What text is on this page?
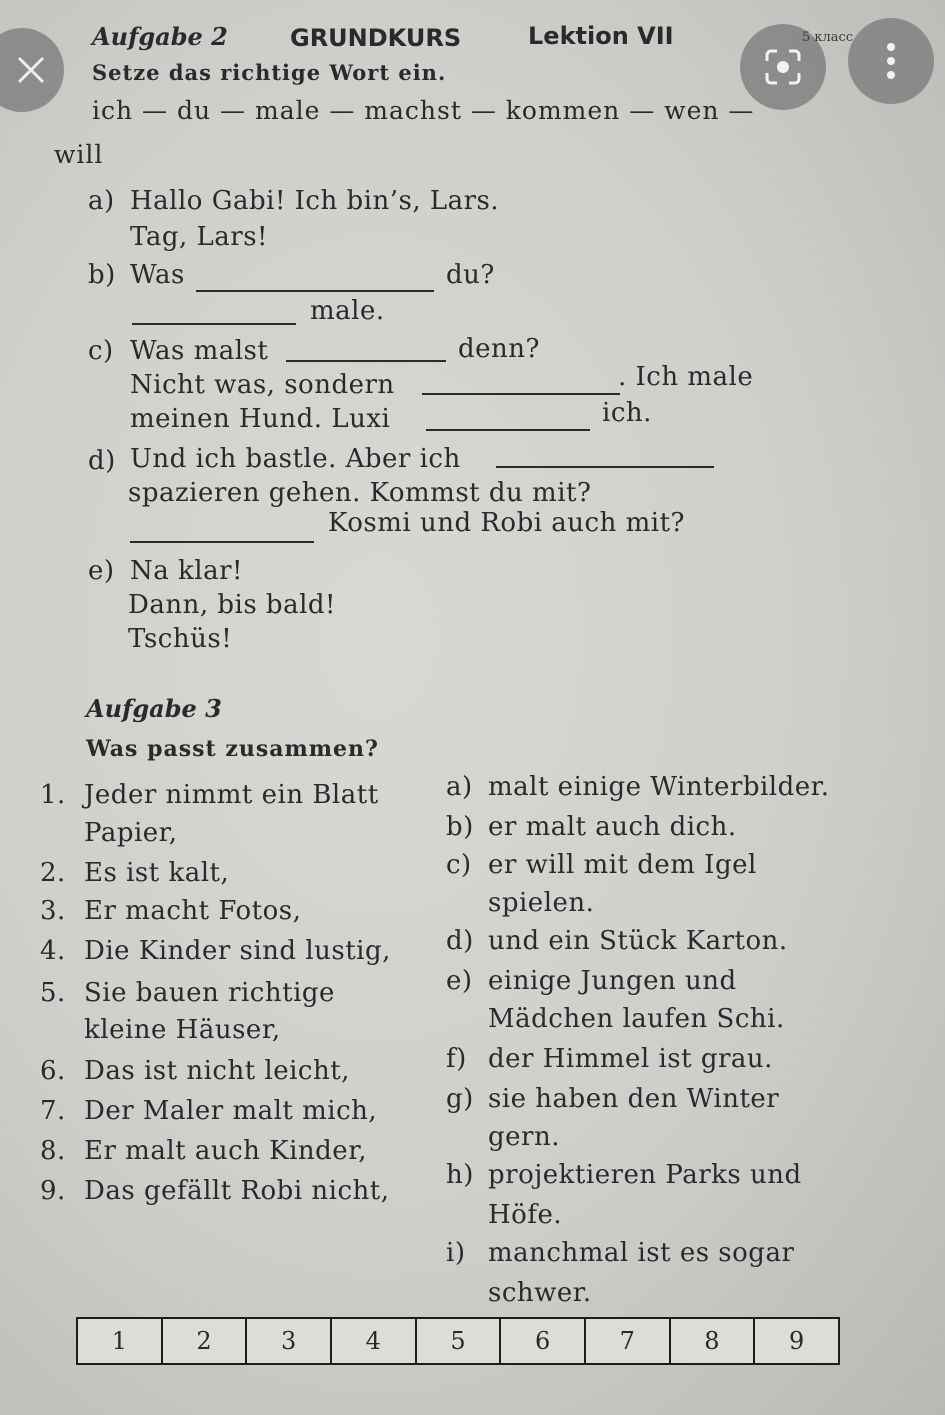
5 класс
Aufgabe 2	GRUNDKURS	Lektion VII
Setze das richtige Wort ein.
ich — du — male — machst — kommen — wen —
will
a) Hallo Gabi! Ich bin’s, Lars.
Tag, Lars!
b) Was	du?
male.
c) Was malst	denn?
Nicht was, sondern	. Ich male
meinen Hund. Luxi	ich.
d) Und ich bastle. Aber ich
spazieren gehen. Kommst du mit?
Kosmi und Robi auch mit?
e) Na klar!
Dann, bis bald!
Tschüs!
Aufgabe 3
Was passt zusammen?
1. Jeder nimmt ein Blatt
Papier,
2. Es ist kalt,
3. Er macht Fotos,
4. Die Kinder sind lustig,
5. Sie bauen richtige
kleine Häuser,
6. Das ist nicht leicht,
7. Der Maler malt mich,
8. Er malt auch Kinder,
9. Das gefällt Robi nicht,
a) malt einige Winterbilder.
b) er malt auch dich.
c) er will mit dem Igel
spielen.
d) und ein Stück Karton.
e) einige Jungen und
Mädchen laufen Schi.
f) der Himmel ist grau.
g) sie haben den Winter
gern.
h) projektieren Parks und
Höfe.
i) manchmal ist es sogar
schwer.
1	2	3	4	5	6	7	8	9
